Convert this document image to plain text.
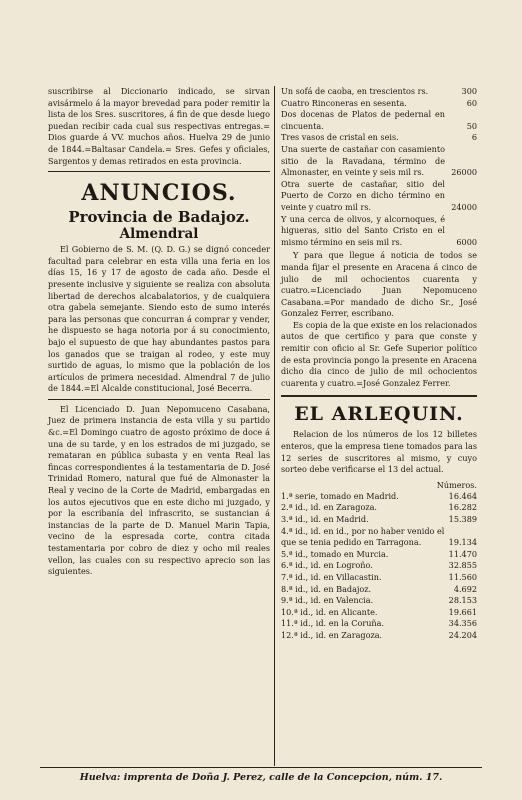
suscribirse al Diccionario indicado, se sirvan avisármelo á la mayor brevedad para poder remitir la lista de los Sres. suscritores, á fin de que desde luego puedan recibir cada cual sus respectivas entregas.= Dios guarde á VV. muchos años. Huelva 29 de junio de 1844.=Baltasar Candela.= Sres. Gefes y oficiales, Sargentos y demas retirados en esta provincia.

ANUNCIOS.
Provincia de Badajoz.
Almendral

El Gobierno de S. M. (Q. D. G.) se dignó conceder facultad para celebrar en esta villa una feria en los días 15, 16 y 17 de agosto de cada año. Desde el presente inclusive y siguiente se realiza con absoluta libertad de derechos alcabalatorios, y de cualquiera otra gabela semejante. Siendo esto de sumo interés para las personas que concurran á comprar y vender, he dispuesto se haga notoria por á su conocimiento, bajo el supuesto de que hay abundantes pastos para los ganados que se traigan al rodeo, y este muy surtido de aguas, lo mismo que la población de los artículos de primera necesidad. Almendral 7 de julio de 1844.=El Alcalde constitucional, José Becerra.

El Licenciado D. Juan Nepomuceno Casabana, Juez de primera instancia de esta villa y su partido &c.=El Domingo cuatro de agosto próximo de doce á una de su tarde, y en los estrados de mi juzgado, se remataran en pública subasta y en venta Real las fincas correspondientes á la testamentaria de D. José Trinidad Romero, natural que fué de Almonaster la Real y vecino de la Corte de Madrid, embargadas en los autos ejecutivos que en este dicho mi juzgado, y por la escribanía del infrascrito, se sustancian á instancias de la parte de D. Manuel Marin Tapia, vecino de la espresada corte, contra citada testamentaria por cobro de diez y ocho mil reales vellon, las cuales con su respectivo aprecio son las siguientes.

Un sofá de caoba, en trescientos rs.	300
Cuatro Rinconeras en sesenta.	60
Dos docenas de Platos de pedernal en cincuenta.	50
Tres vasos de cristal en seis.	6
Una suerte de castañar con casamiento sitio de la Ravadana, término de Almonaster, en veinte y seis mil rs.	26000
Otra suerte de castañar, sitio del Puerto de Corzo en dicho término en veinte y cuatro mil rs.	24000
Y una cerca de olivos, y alcornoques, é higueras, sitio del Santo Cristo en el mismo término en seis mil rs.	6000

Y para que llegue á noticia de todos se manda fijar el presente en Aracena á cinco de julio de mil ochocientos cuarenta y cuatro.=Licenciado Juan Nepomuceno Casabana.=Por mandado de dicho Sr., José Gonzalez Ferrer, escribano.

Es copia de la que existe en los relacionados autos de que certifico y para que conste y remitir con oficio al Sr. Gefe Superior político de esta provincia pongo la presente en Aracena dicho dia cinco de julio de mil ochocientos cuarenta y cuatro.=José Gonzalez Ferrer.

EL ARLEQUIN.

Relacion de los números de los 12 billetes enteros, que la empresa tiene tomados para las 12 series de suscritores al mismo, y cuyo sorteo debe verificarse el 13 del actual.

Números.
1.ª serie, tomado en Madrid.	16.464
2.ª id., id. en Zaragoza.	16.282
3.ª id., id. en Madrid.	15.389
4.ª id., id. en id., por no haber venido el que se tenia pedido en Tarragona.	19.134
5.ª id., tomado en Murcia.	11.470
6.ª id., id. en Logroño.	32.855
7.ª id., id. en Villacastin.	11.560
8.ª id., id. en Badajoz.	4.692
9.ª id., id. en Valencia.	28.153
10.ª id., id. en Alicante.	19.661
11.ª id., id. en la Coruña.	34.356
12.ª id., id. en Zaragoza.	24.204
Huelva: imprenta de Doña J. Perez, calle de la Concepcion, núm. 17.
